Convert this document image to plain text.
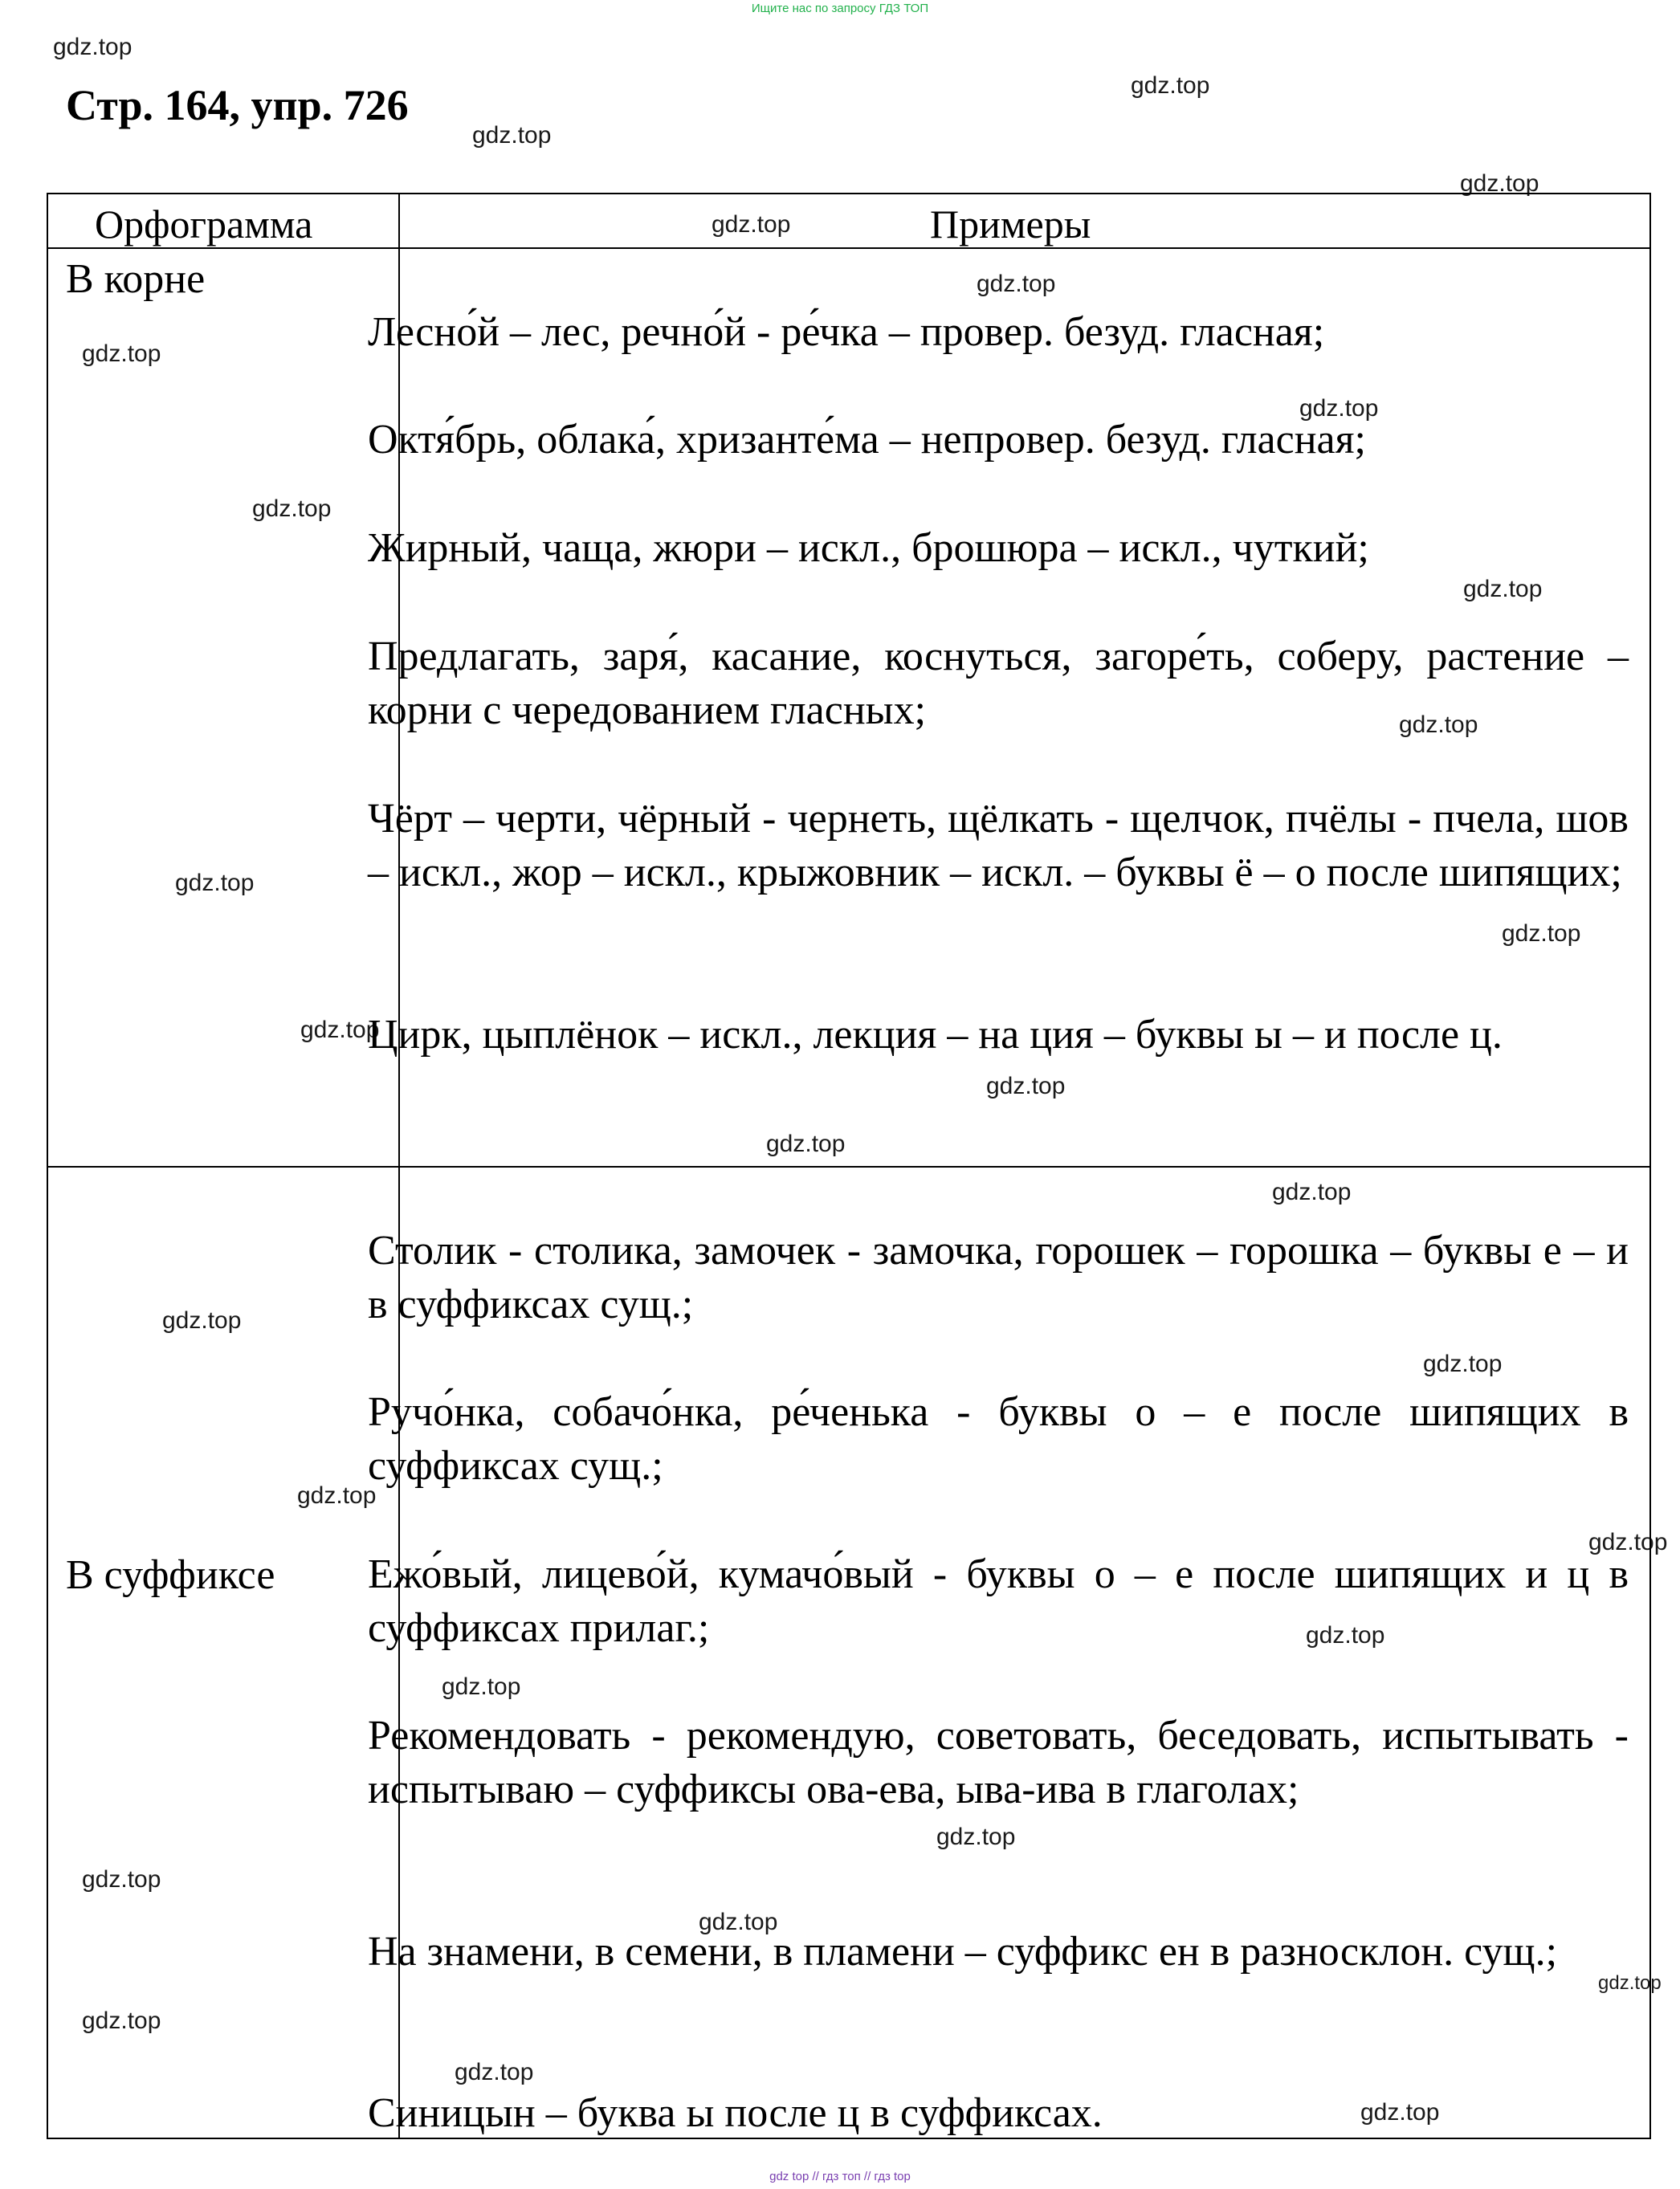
Ищите нас по запросу ГДЗ ТОП
Стр. 164, упр. 726
gdz.top
gdz.top
gdz.top
gdz.top
gdz.top
gdz.top
gdz.top
gdz.top
gdz.top
gdz.top
gdz.top
gdz.top
gdz.top
gdz.top
gdz.top
gdz.top
gdz.top
gdz.top
gdz.top
gdz.top
gdz.top
gdz.top
gdz.top
gdz.top
gdz.top
gdz.top
gdz.top
gdz.top
gdz.top
gdz.top
Орфограмма	Примеры
В корне
В суффиксе
Лесно́й – лес, речно́й - ре́чка – провер. безуд. гласная;
Октя́брь, облака́, хризанте́ма – непровер. безуд. гласная;
Жирный, чаща, жюри – искл., брошюра – искл., чуткий;
Предлагать, заря́, касание, коснуться, загоре́ть, соберу, растение – корни с чередованием гласных;
Чёрт – черти, чёрный - чернеть, щёлкать - щелчок, пчёлы - пчела, шов – искл., жор – искл., крыжовник – искл. – буквы ё – о после шипящих;
Цирк, цыплёнок – искл., лекция – на ция – буквы ы – и после ц.
Столик - столика, замочек - замочка, горошек – горошка – буквы е – и в суффиксах сущ.;
Ручо́нка, собачо́нка, ре́ченька - буквы о – е после шипящих в суффиксах сущ.;
Ежо́вый, лицево́й, кумачо́вый - буквы о – е после шипящих и ц в суффиксах прилаг.;
Рекомендовать - рекомендую, советовать, беседовать, испытывать - испытываю – суффиксы ова-ева, ыва-ива в глаголах;
На знамени, в семени, в пламени – суффикс ен в разносклон. сущ.;
Синицын – буква ы после ц в суффиксах.
gdz top // гдз топ // гдз top
